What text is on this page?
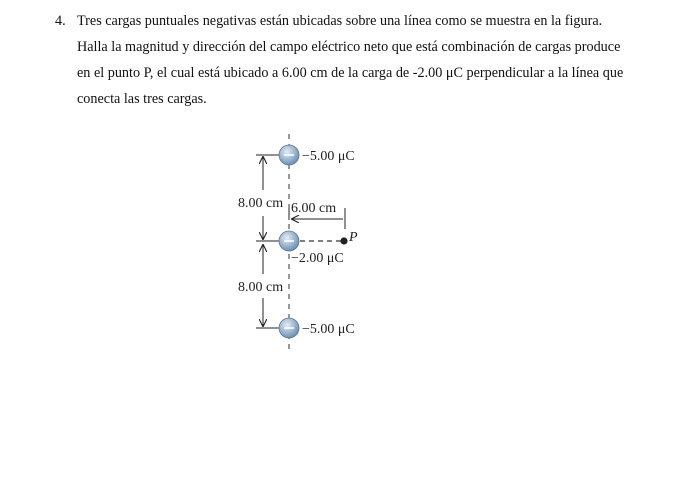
4. Tres cargas puntuales negativas están ubicadas sobre una línea como se muestra en la figura.
Halla la magnitud y dirección del campo eléctrico neto que está combinación de cargas produce
en el punto P, el cual está ubicado a 6.00 cm de la carga de -2.00 μC perpendicular a la línea que
conecta las tres cargas.
8.00 cm
8.00 cm
6.00 cm
P
−5.00 μC
−2.00 μC
−5.00 μC
